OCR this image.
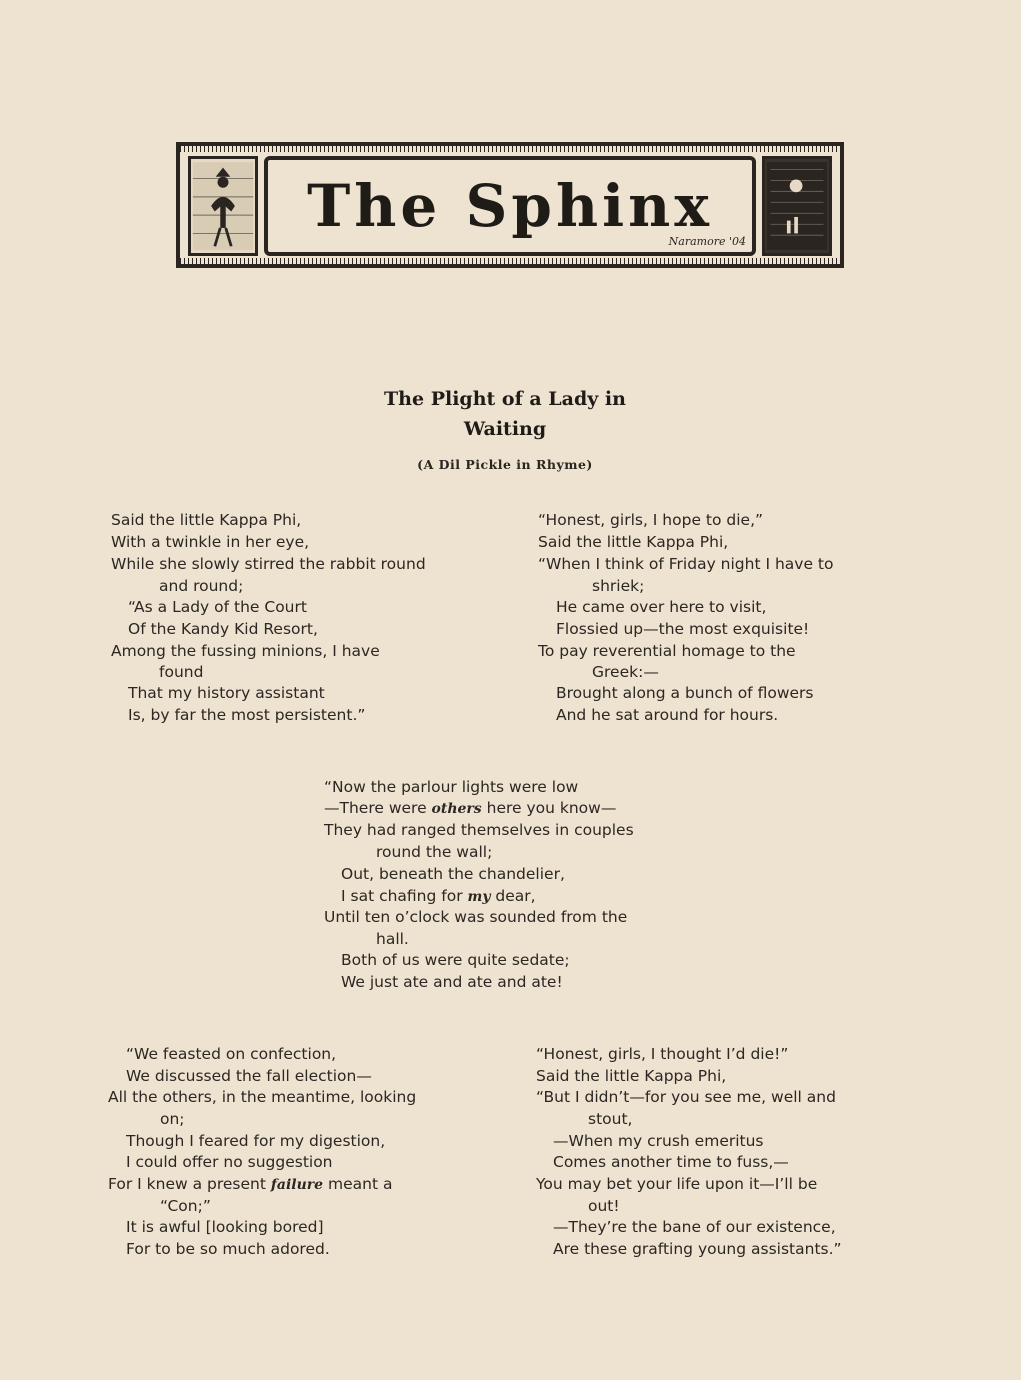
The Sphinx
Naramore '04
The Plight of a Lady in
Waiting
(A Dil Pickle in Rhyme)
Said the little Kappa Phi,
With a twinkle in her eye,
While she slowly stirred the rabbit round
and round;
“As a Lady of the Court
Of the Kandy Kid Resort,
Among the fussing minions, I have
found
That my history assistant
Is, by far the most persistent.”
“Honest, girls, I hope to die,”
Said the little Kappa Phi,
“When I think of Friday night I have to
shriek;
He came over here to visit,
Flossied up—the most exquisite!
To pay reverential homage to the
Greek:—
Brought along a bunch of flowers
And he sat around for hours.
“Now the parlour lights were low
—There were others here you know—
They had ranged themselves in couples
round the wall;
Out, beneath the chandelier,
I sat chafing for my dear,
Until ten o’clock was sounded from the
hall.
Both of us were quite sedate;
We just ate and ate and ate!
“We feasted on confection,
We discussed the fall election—
All the others, in the meantime, looking
on;
Though I feared for my digestion,
I could offer no suggestion
For I knew a present failure meant a
“Con;”
It is awful [looking bored]
For to be so much adored.
“Honest, girls, I thought I’d die!”
Said the little Kappa Phi,
“But I didn’t—for you see me, well and
stout,
—When my crush emeritus
Comes another time to fuss,—
You may bet your life upon it—I’ll be
out!
—They’re the bane of our existence,
Are these grafting young assistants.”
